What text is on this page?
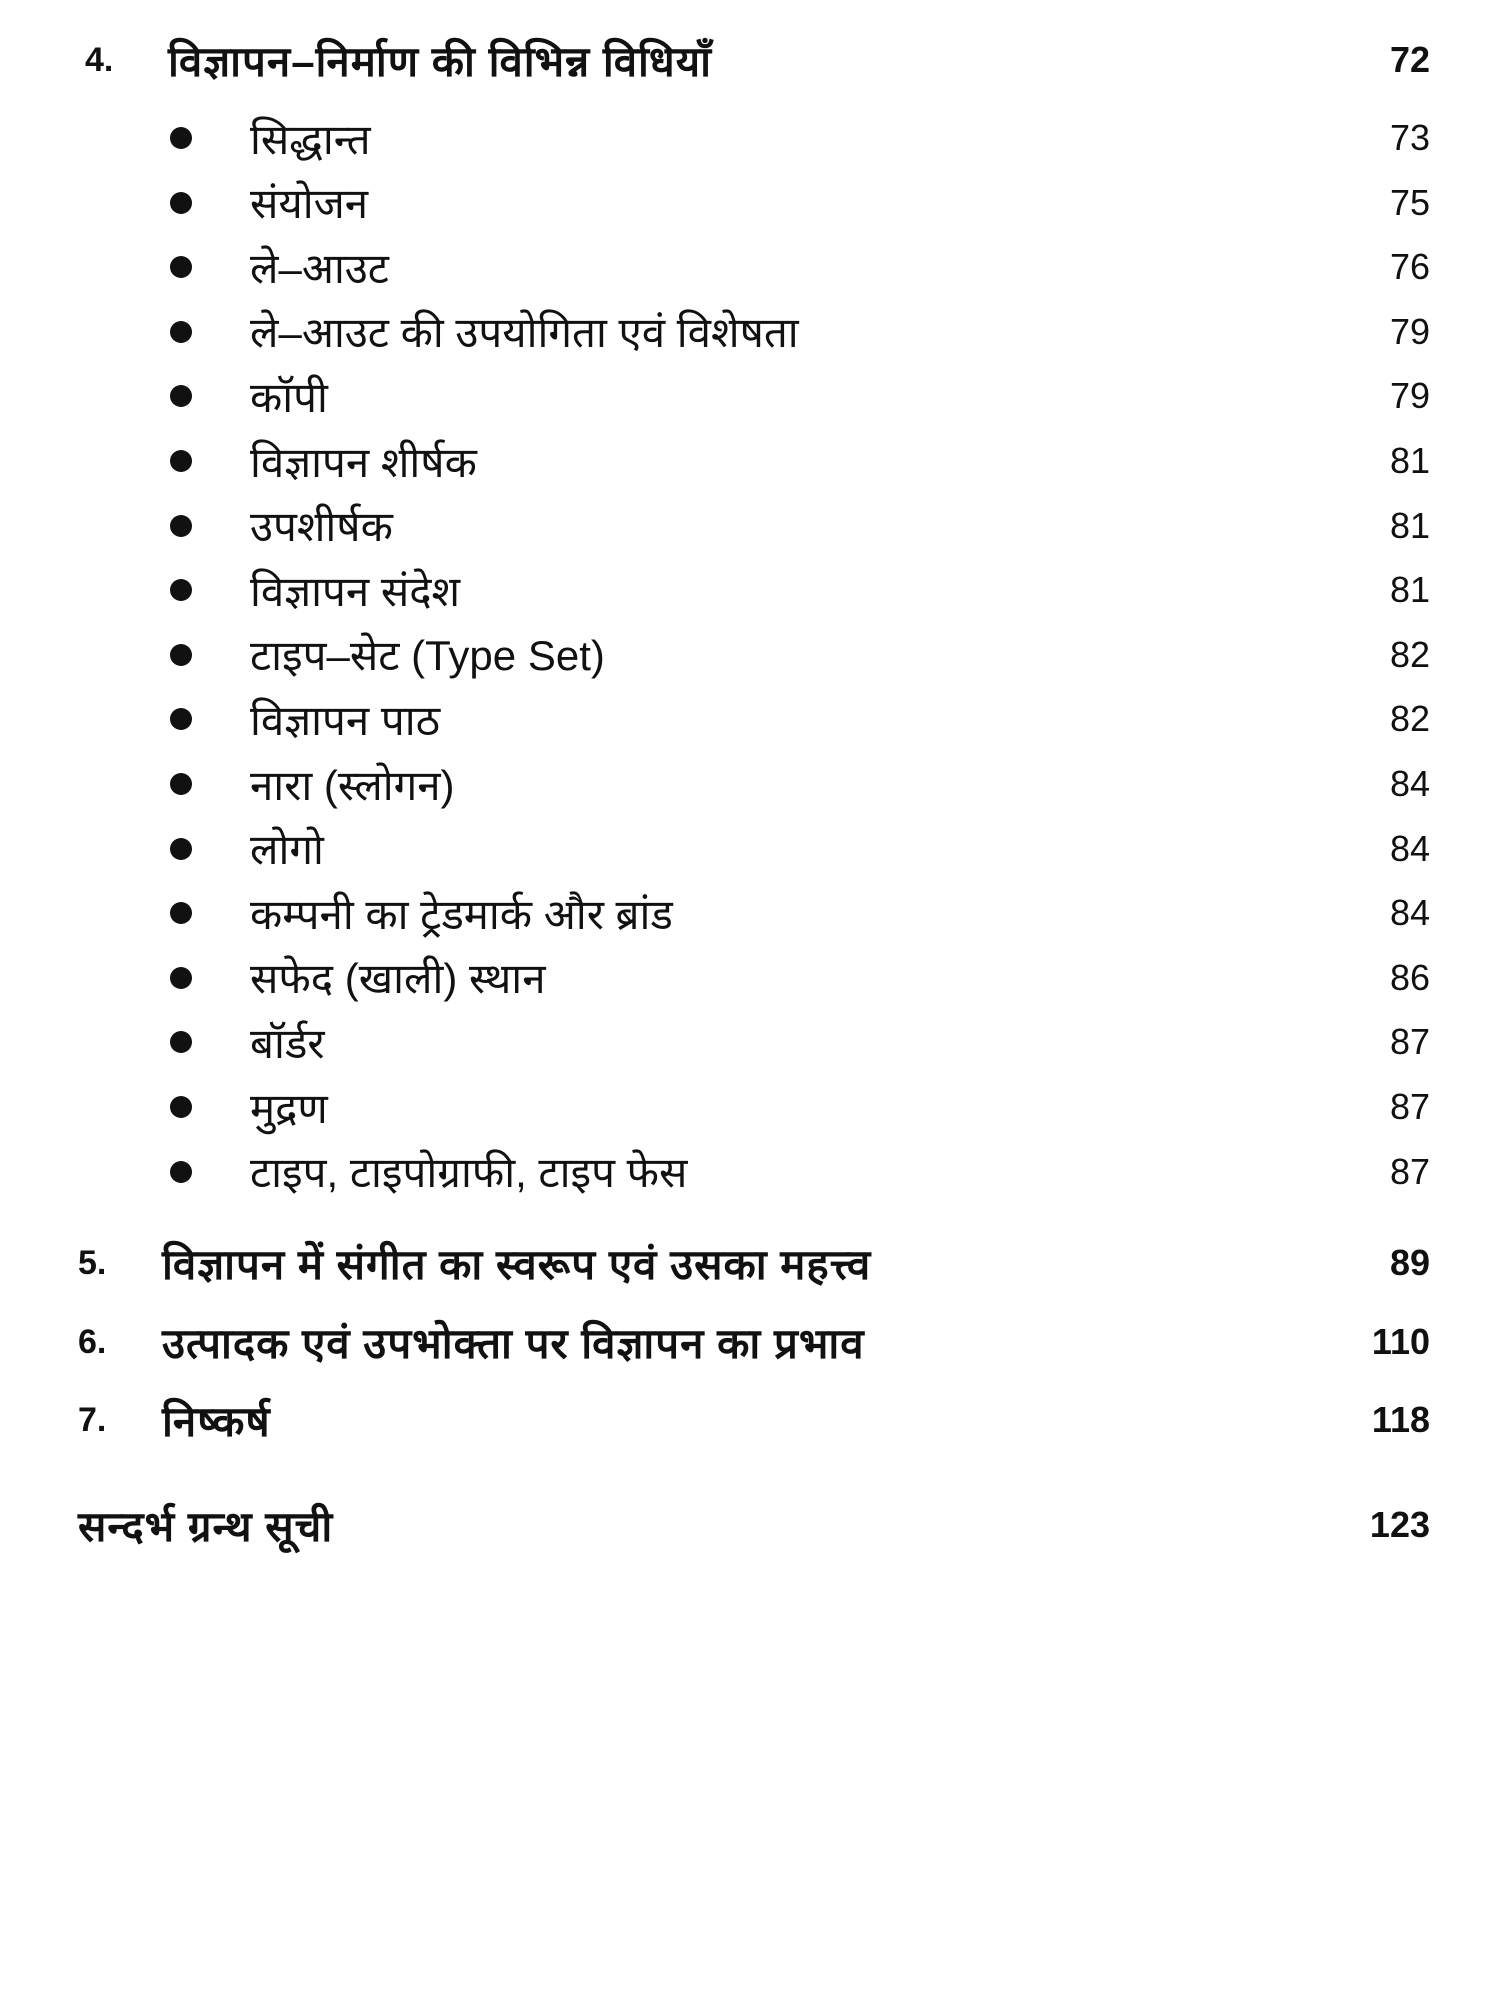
4. विज्ञापन–निर्माण की विभिन्न विधियाँ	72
सिद्धान्त	73
संयोजन	75
ले–आउट	76
ले–आउट की उपयोगिता एवं विशेषता	79
कॉपी	79
विज्ञापन शीर्षक	81
उपशीर्षक	81
विज्ञापन संदेश	81
टाइप–सेट (Type Set)	82
विज्ञापन पाठ	82
नारा (स्लोगन)	84
लोगो	84
कम्पनी का ट्रेडमार्क और ब्रांड	84
सफेद (खाली) स्थान	86
बॉर्डर	87
मुद्रण	87
टाइप, टाइपोग्राफी, टाइप फेस	87
5. विज्ञापन में संगीत का स्वरूप एवं उसका महत्त्व	89
6. उत्पादक एवं उपभोक्ता पर विज्ञापन का प्रभाव	110
7. निष्कर्ष	118
सन्दर्भ ग्रन्थ सूची	123
